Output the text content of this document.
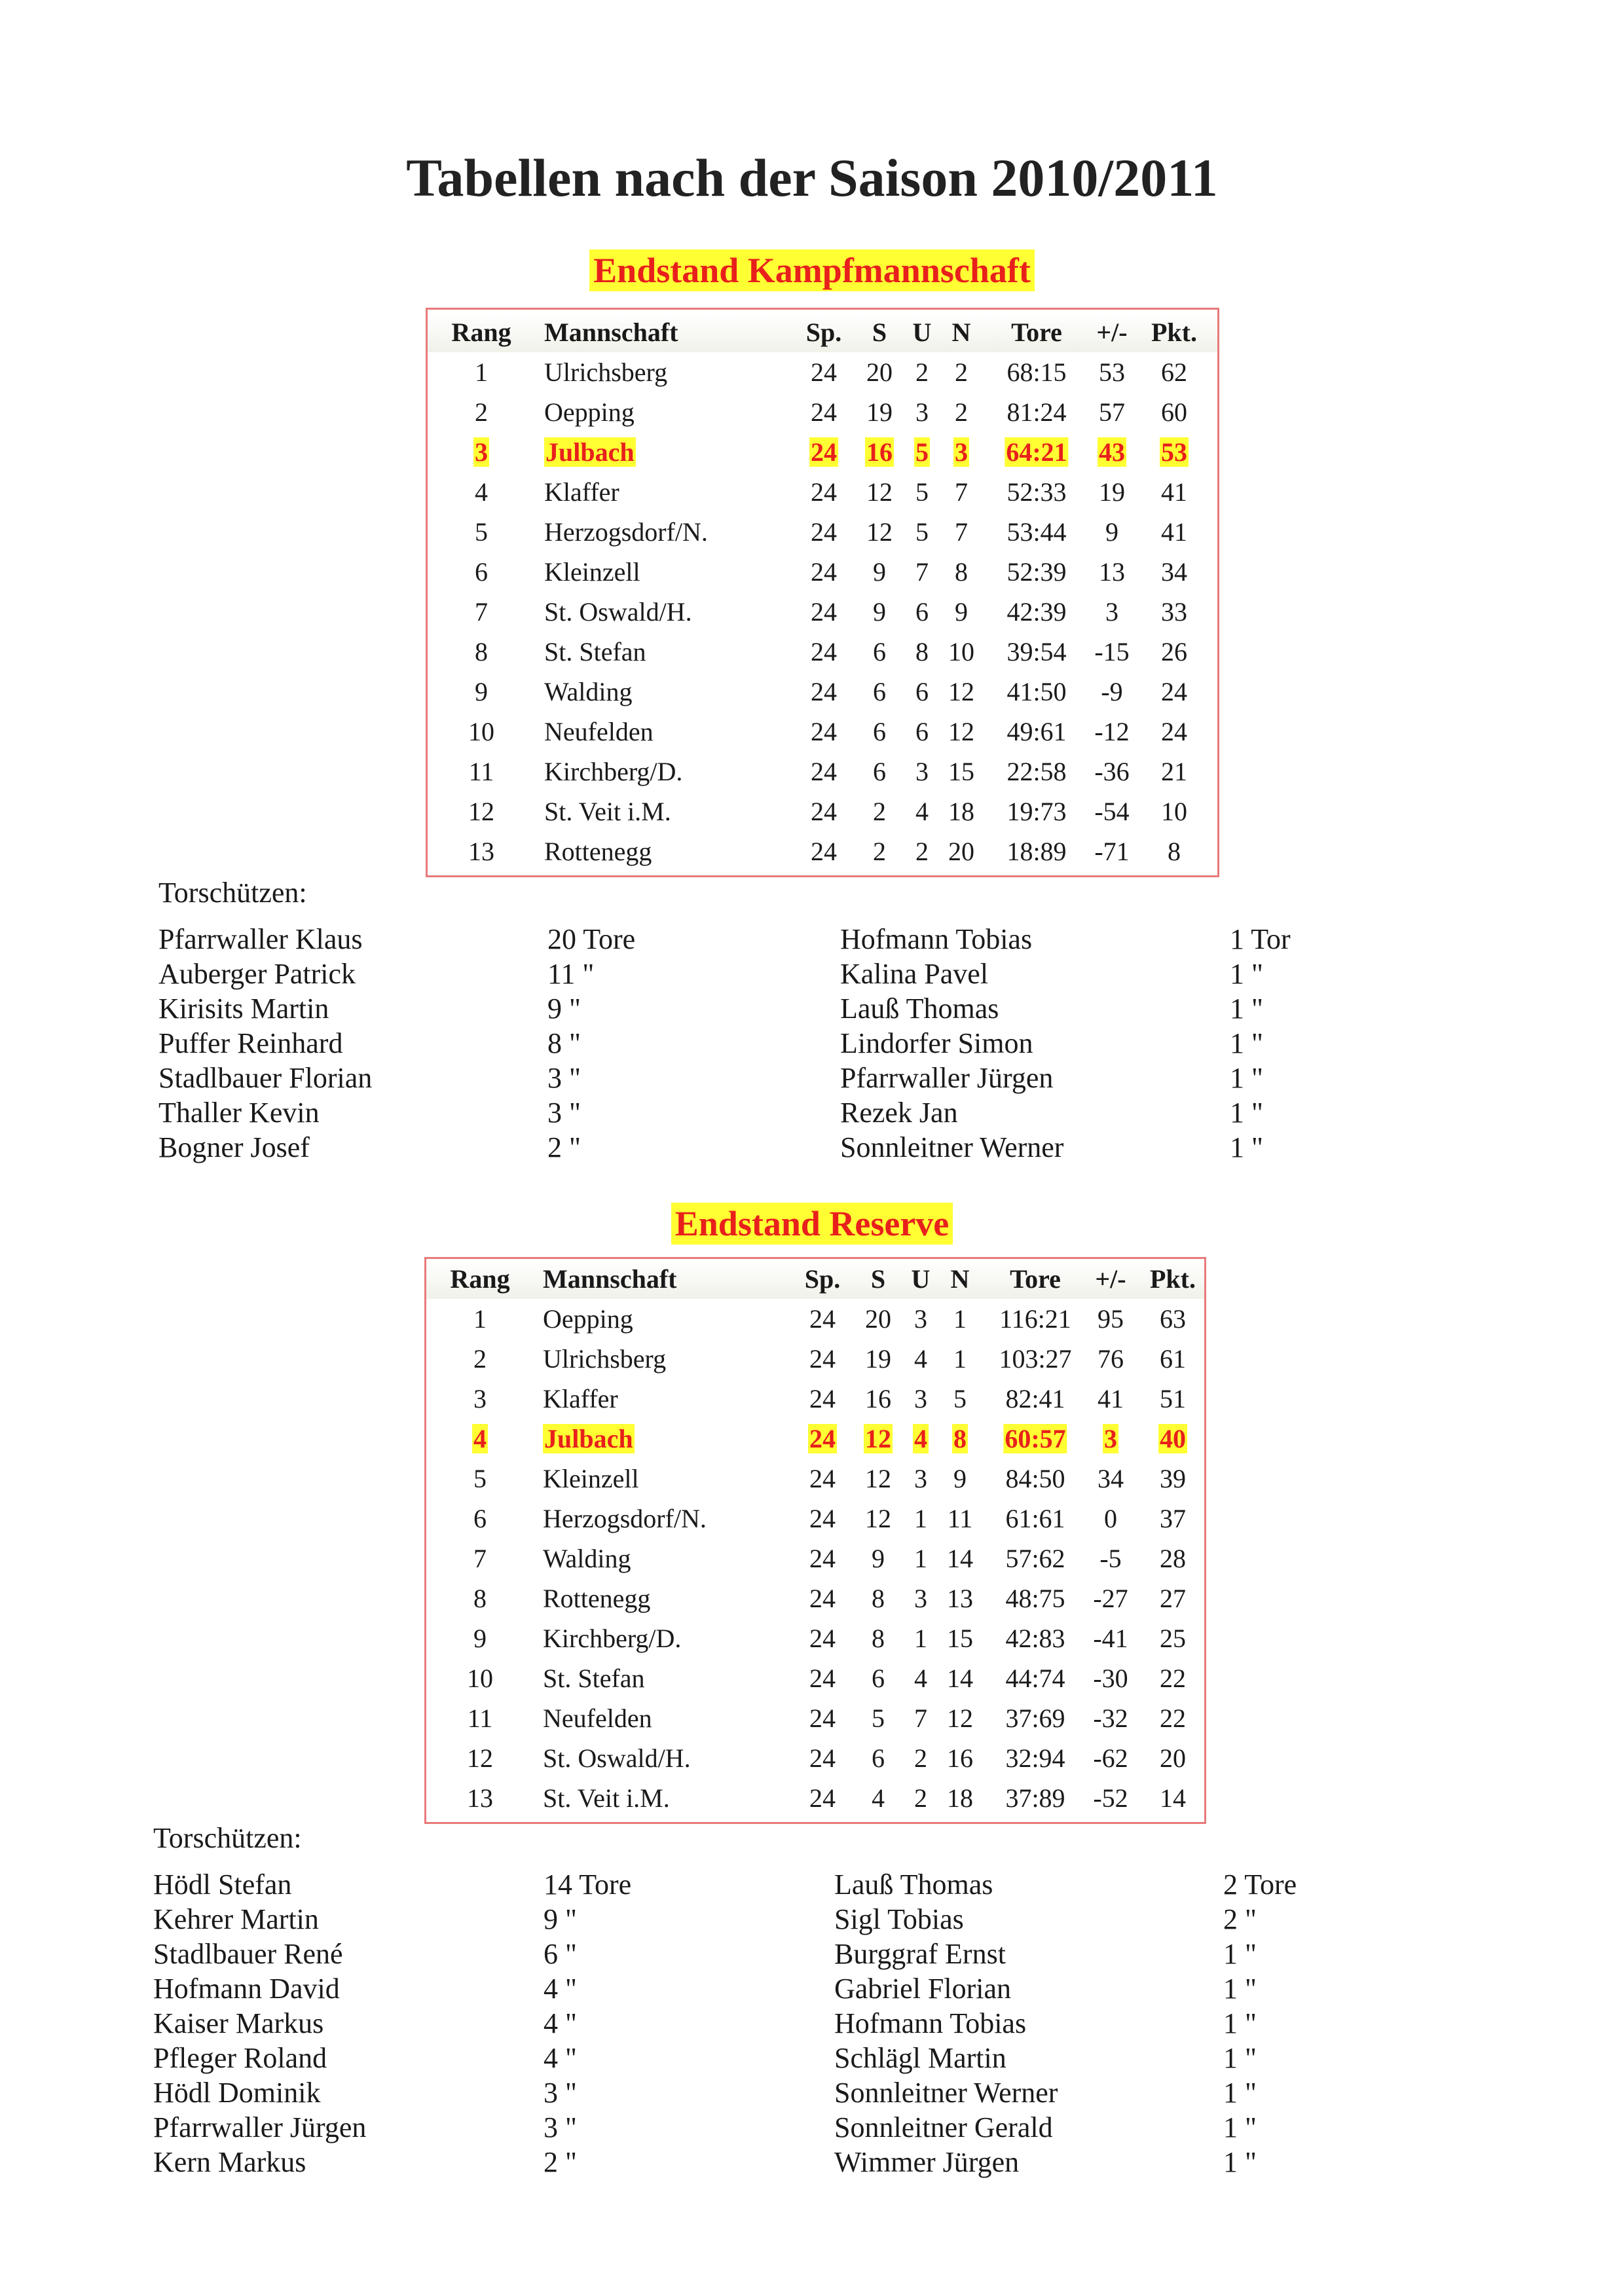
Tabellen nach der Saison 2010/2011
Endstand Kampfmannschaft
Rang Mannschaft	Sp. S U N Tore +/- Pkt.
1 Ulrichsberg	24 20 2 2 68:15 53 62
2 Oepping	24 19 3 2 81:24 57 60
3 Julbach	24 16 5 3 64:21 43 53
4 Klaffer	24 12 5 7 52:33 19 41
5 Herzogsdorf/N.	24 12 5 7 53:44 9 41
6 Kleinzell	24 9 7 8 52:39 13 34
7 St. Oswald/H.	24 9 6 9 42:39 3 33
8 St. Stefan	24 6 8 10 39:54 -15 26
9 Walding	24 6 6 12 41:50 -9 24
10 Neufelden	24 6 6 12 49:61 -12 24
11 Kirchberg/D.	24 6 3 15 22:58 -36 21
12 St. Veit i.M.	24 2 4 18 19:73 -54 10
13 Rottenegg	24 2 2 20 18:89 -71 8
Torschützen:
Pfarrwaller Klaus	20 Tore
Auberger Patrick	11 "
Kirisits Martin	9 "
Puffer Reinhard	8 "
Stadlbauer Florian	3 "
Thaller Kevin	3 "
Bogner Josef	2 "
Hofmann Tobias	1 Tor
Kalina Pavel	1 "
Lauß Thomas	1 "
Lindorfer Simon	1 "
Pfarrwaller Jürgen	1 "
Rezek Jan	1 "
Sonnleitner Werner	1 "
Endstand Reserve
Rang Mannschaft	Sp. S U N Tore +/- Pkt.
1 Oepping	24 20 3 1 116:21 95 63
2 Ulrichsberg	24 19 4 1 103:27 76 61
3 Klaffer	24 16 3 5 82:41 41 51
4 Julbach	24 12 4 8 60:57 3 40
5 Kleinzell	24 12 3 9 84:50 34 39
6 Herzogsdorf/N.	24 12 1 11 61:61 0 37
7 Walding	24 9 1 14 57:62 -5 28
8 Rottenegg	24 8 3 13 48:75 -27 27
9 Kirchberg/D.	24 8 1 15 42:83 -41 25
10 St. Stefan	24 6 4 14 44:74 -30 22
11 Neufelden	24 5 7 12 37:69 -32 22
12 St. Oswald/H.	24 6 2 16 32:94 -62 20
13 St. Veit i.M.	24 4 2 18 37:89 -52 14
Torschützen:
Hödl Stefan	14 Tore
Kehrer Martin	9 "
Stadlbauer René	6 "
Hofmann David	4 "
Kaiser Markus	4 "
Pfleger Roland	4 "
Hödl Dominik	3 "
Pfarrwaller Jürgen	3 "
Kern Markus	2 "
Lauß Thomas	2 Tore
Sigl Tobias	2 "
Burggraf Ernst	1 "
Gabriel Florian	1 "
Hofmann Tobias	1 "
Schlägl Martin	1 "
Sonnleitner Werner	1 "
Sonnleitner Gerald	1 "
Wimmer Jürgen	1 "
